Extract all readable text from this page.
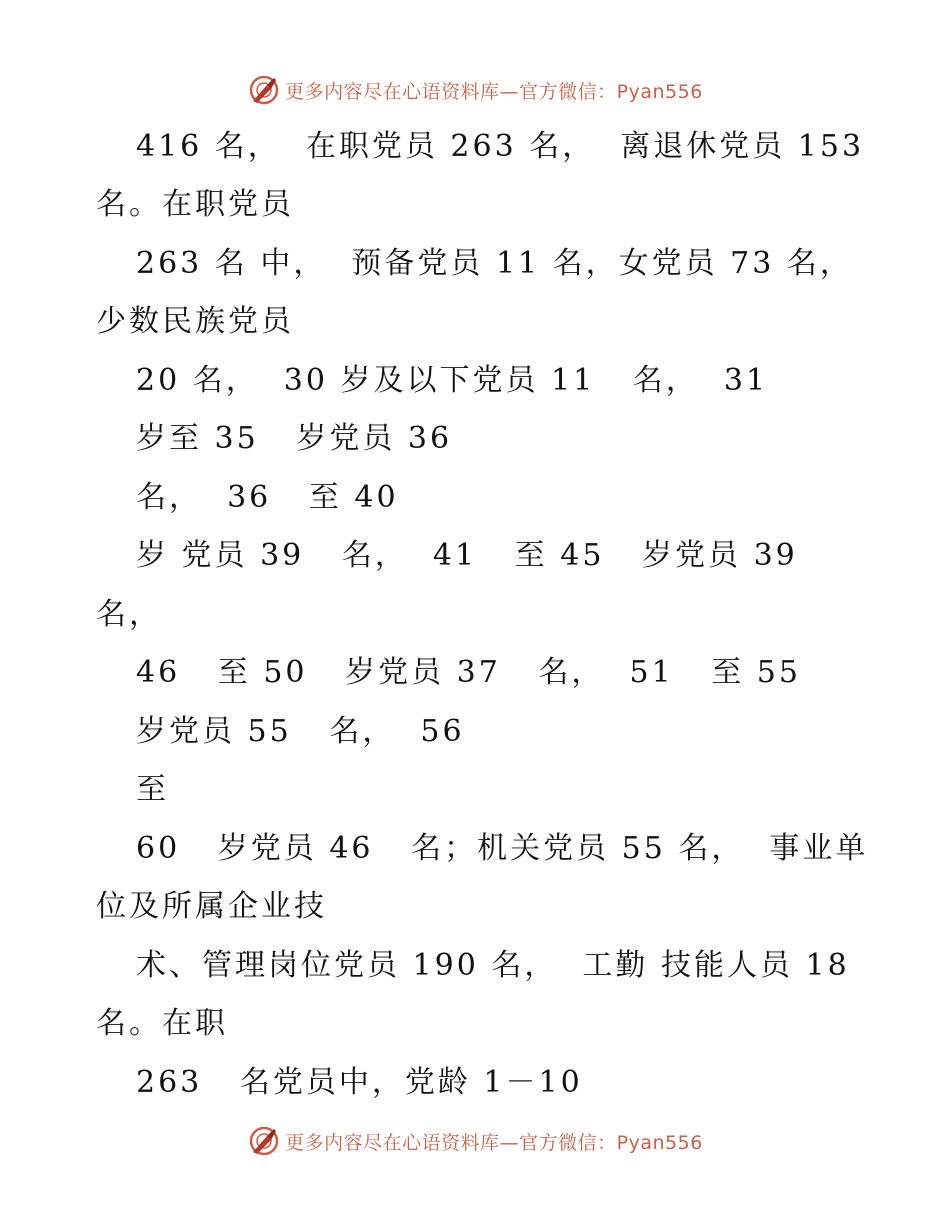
更多内容尽在心语资料库—官方微信：Pyan556
416 名，  在职党员 263 名，  离退休党员 153
名。在职党员
263 名 中，  预备党员 11 名，女党员 73 名，
少数民族党员
20 名，  30 岁及以下党员 11   名，  31
岁至 35   岁党员 36
名，  36   至 40
岁 党员 39   名，  41   至 45   岁党员 39
名，
46   至 50   岁党员 37   名，  51   至 55
岁党员 55   名，  56
至
60   岁党员 46   名；机关党员 55 名，  事业单
位及所属企业技
术、管理岗位党员 190 名，  工勤 技能人员 18
名。在职
263   名党员中，党龄 1－10
更多内容尽在心语资料库—官方微信：Pyan556
